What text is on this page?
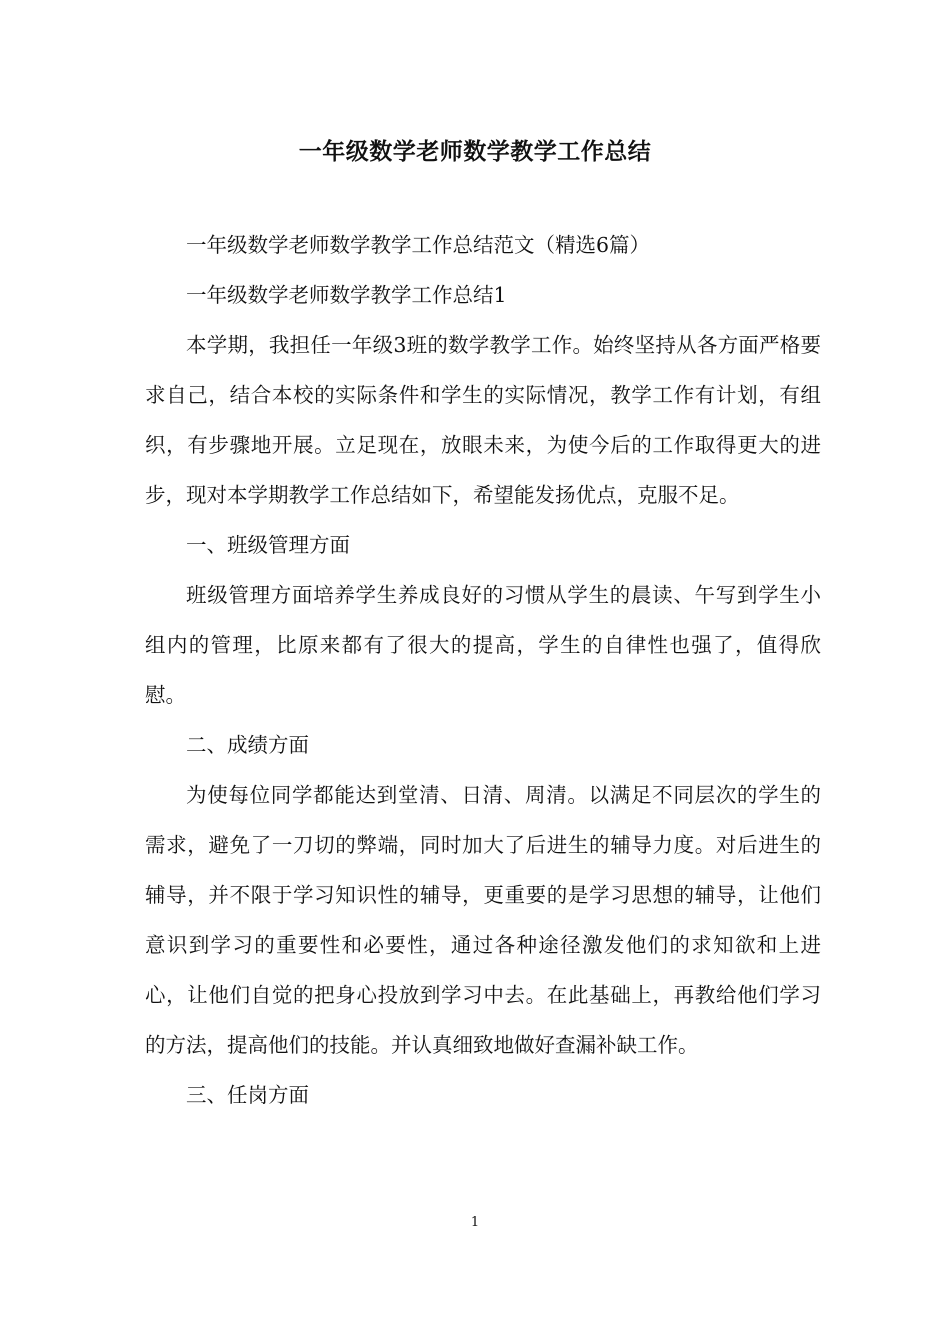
一年级数学老师数学教学工作总结

一年级数学老师数学教学工作总结范文（精选6篇）

一年级数学老师数学教学工作总结1

本学期，我担任一年级3班的数学教学工作。始终坚持从各方面严格要求自己，结合本校的实际条件和学生的实际情况，教学工作有计划，有组织，有步骤地开展。立足现在，放眼未来，为使今后的工作取得更大的进步，现对本学期教学工作总结如下，希望能发扬优点，克服不足。

一、班级管理方面

班级管理方面培养学生养成良好的习惯从学生的晨读、午写到学生小组内的管理，比原来都有了很大的提高，学生的自律性也强了，值得欣慰。

二、成绩方面

为使每位同学都能达到堂清、日清、周清。以满足不同层次的学生的需求，避免了一刀切的弊端，同时加大了后进生的辅导力度。对后进生的辅导，并不限于学习知识性的辅导，更重要的是学习思想的辅导，让他们意识到学习的重要性和必要性，通过各种途径激发他们的求知欲和上进心，让他们自觉的把身心投放到学习中去。在此基础上，再教给他们学习的方法，提高他们的技能。并认真细致地做好查漏补缺工作。

三、任岗方面

1
